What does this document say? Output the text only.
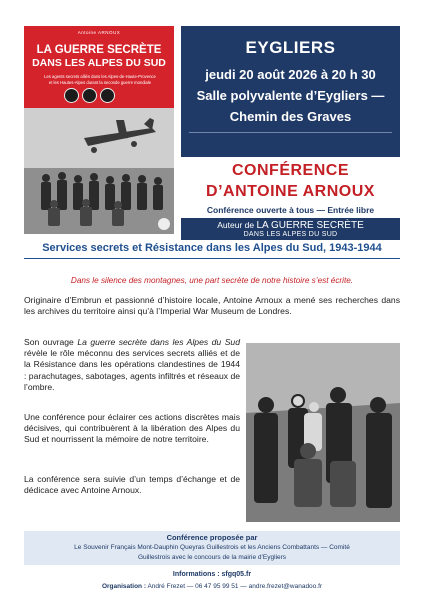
Antoine ARNOUX
LA GUERRE SECRÈTE
DANS LES ALPES DU SUD
Les agents secrets alliés dans les Alpes-de-Haute-Provence
et les Hautes-Alpes durant la seconde guerre mondiale
EYGLIERS
jeudi 20 août 2026 à 20 h 30
Salle polyvalente d’Eygliers —
Chemin des Graves
CONFÉRENCE
D’ANTOINE ARNOUX
Conférence ouverte à tous — Entrée libre
Auteur de LA GUERRE SECRÈTE
DANS LES ALPES DU SUD
Services secrets et Résistance dans les Alpes du Sud, 1943-1944
Dans le silence des montagnes, une part secrète de notre histoire s’est écrite.

Originaire d’Embrun et passionné d’histoire locale, Antoine Arnoux a mené ses recherches dans les archives du territoire ainsi qu’à l’Imperial War Museum de Londres.

Son ouvrage La guerre secrète dans les Alpes du Sud révèle le rôle méconnu des services secrets alliés et de la Résistance dans les opérations clandestines de 1944 : parachutages, sabotages, agents infiltrés et réseaux de l’ombre.

Une conférence pour éclairer ces actions discrètes mais décisives, qui contribuèrent à la libération des Alpes du Sud et nourrissent la mémoire de notre territoire.

La conférence sera suivie d’un temps d’échange et de dédicace avec Antoine Arnoux.

Conférence proposée par
Le Souvenir Français Mont-Dauphin Queyras Guillestrois et les Anciens Combattants — Comité
Guillestrois avec le concours de la mairie d’Eygliers
Informations : sfgq05.fr
Organisation : André Frezet — 06 47 95 99 51 — andre.frezet@wanadoo.fr
